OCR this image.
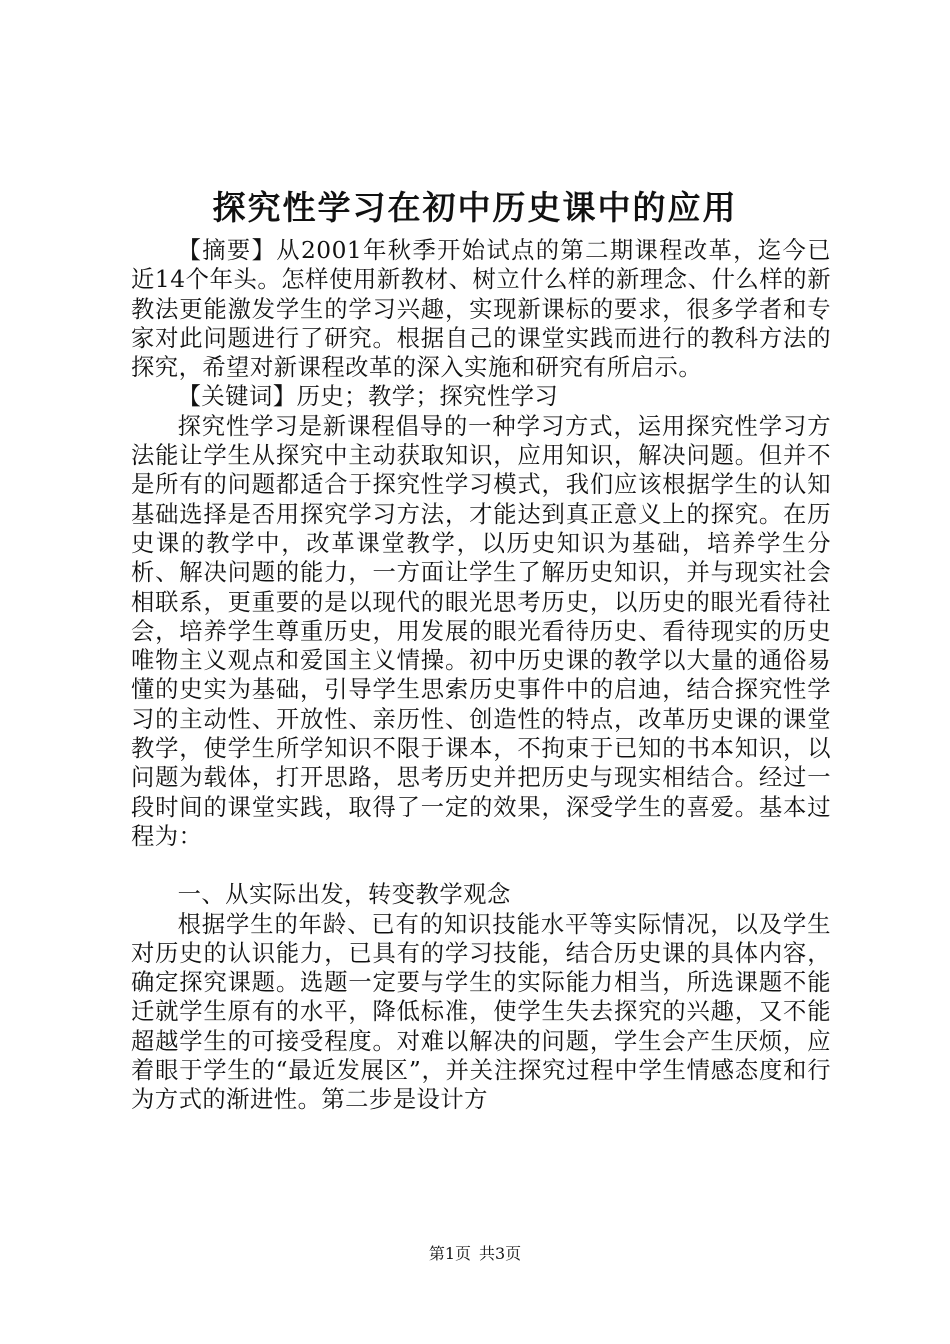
探究性学习在初中历史课中的应用

【摘要】从2001年秋季开始试点的第二期课程改革，迄今已近14个年头。怎样使用新教材、树立什么样的新理念、什么样的新教法更能激发学生的学习兴趣，实现新课标的要求，很多学者和专家对此问题进行了研究。根据自己的课堂实践而进行的教科方法的探究，希望对新课程改革的深入实施和研究有所启示。

【关键词】历史；教学；探究性学习

探究性学习是新课程倡导的一种学习方式，运用探究性学习方法能让学生从探究中主动获取知识，应用知识，解决问题。但并不是所有的问题都适合于探究性学习模式，我们应该根据学生的认知基础选择是否用探究学习方法，才能达到真正意义上的探究。在历史课的教学中，改革课堂教学，以历史知识为基础，培养学生分析、解决问题的能力，一方面让学生了解历史知识，并与现实社会相联系，更重要的是以现代的眼光思考历史，以历史的眼光看待社会，培养学生尊重历史，用发展的眼光看待历史、看待现实的历史唯物主义观点和爱国主义情操。初中历史课的教学以大量的通俗易懂的史实为基础，引导学生思索历史事件中的启迪，结合探究性学习的主动性、开放性、亲历性、创造性的特点，改革历史课的课堂教学，使学生所学知识不限于课本，不拘束于已知的书本知识，以问题为载体，打开思路，思考历史并把历史与现实相结合。经过一段时间的课堂实践，取得了一定的效果，深受学生的喜爱。基本过程为：

一、从实际出发，转变教学观念

根据学生的年龄、已有的知识技能水平等实际情况，以及学生对历史的认识能力，已具有的学习技能，结合历史课的具体内容，确定探究课题。选题一定要与学生的实际能力相当，所选课题不能迁就学生原有的水平，降低标准，使学生失去探究的兴趣，又不能超越学生的可接受程度。对难以解决的问题，学生会产生厌烦，应着眼于学生的“最近发展区”，并关注探究过程中学生情感态度和行为方式的渐进性。第二步是设计方

第1页 共3页
